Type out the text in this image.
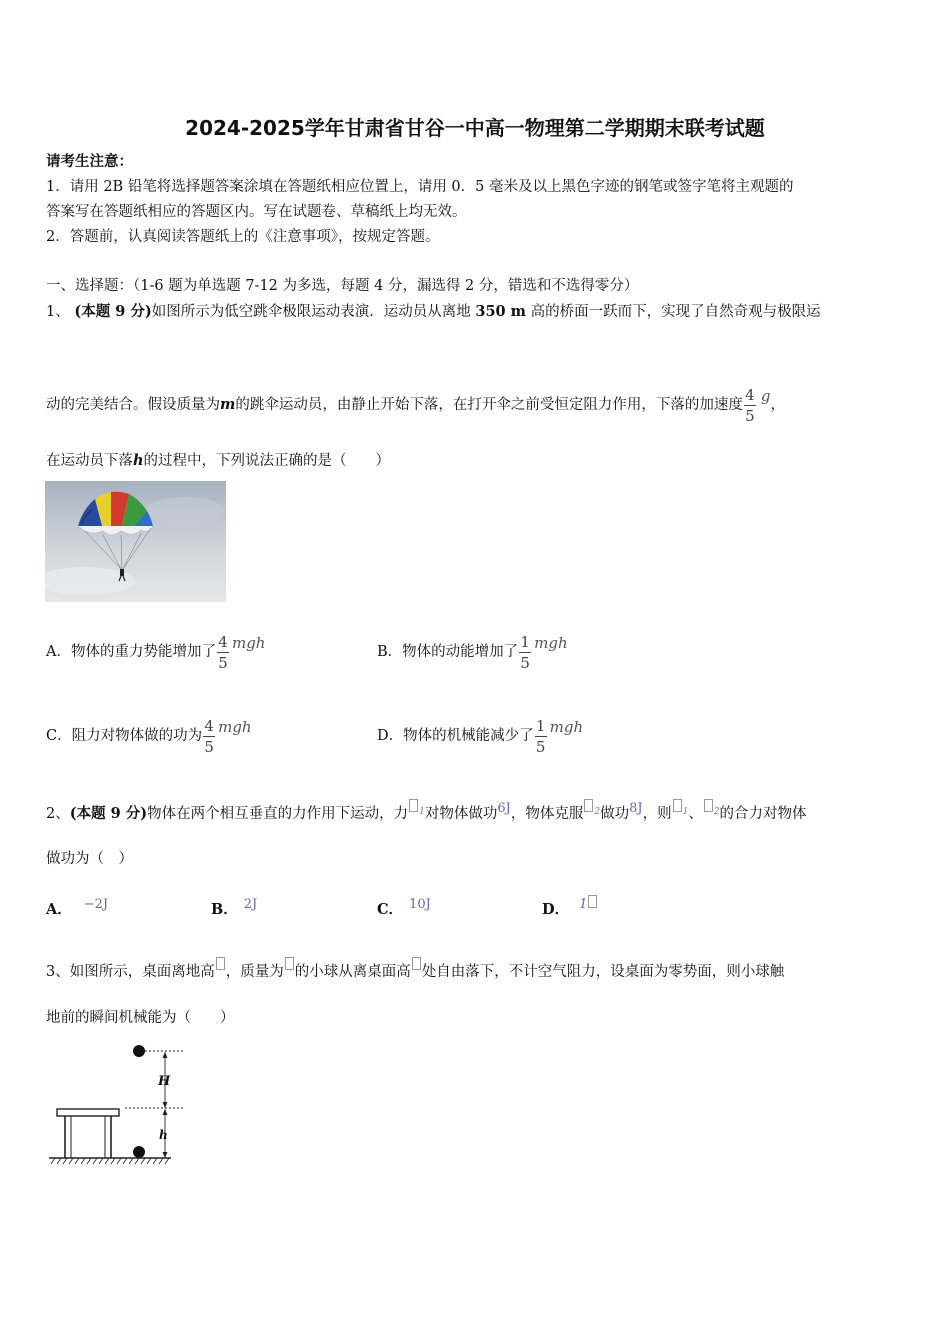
2024-2025学年甘肃省甘谷一中高一物理第二学期期末联考试题
请考生注意：
1．请用 2B 铅笔将选择题答案涂填在答题纸相应位置上，请用 0．5 毫米及以上黑色字迹的钢笔或签字笔将主观题的
答案写在答题纸相应的答题区内。写在试题卷、草稿纸上均无效。
2．答题前，认真阅读答题纸上的《注意事项》，按规定答题。
一、选择题：（1-6 题为单选题 7-12 为多选，每题 4 分，漏选得 2 分，错选和不选得零分）
1、 (本题 9 分)如图所示为低空跳伞极限运动表演．运动员从离地 350 m 高的桥面一跃而下，实现了自然奇观与极限运
动的完美结合。假设质量为m的跳伞运动员，由静止开始下落，在打开伞之前受恒定阻力作用，下落的加速度 $\frac{4}{5}$ g，
在运动员下落h的过程中，下列说法正确的是（　　）
A．物体的重力势能增加了 $\frac{4}{5}$ mgh	B．物体的动能增加了 $\frac{1}{5}$ mgh
C．阻力对物体做的功为 $\frac{4}{5}$ mgh	D．物体的机械能减少了 $\frac{1}{5}$ mgh
2、(本题 9 分)物体在两个相互垂直的力作用下运动，力 $^1$对物体做功6J，物体克服 $^2$做功8J，则 $^1$、 $^2$的合力对物体
做功为（　）
A． −2J	B． 2J	C． 10J	D． 1
3、如图所示，桌面离地高 ，质量为 的小球从离桌面高 处自由落下，不计空气阻力，设桌面为零势面，则小球触
地前的瞬间机械能为（　　）
H
h
